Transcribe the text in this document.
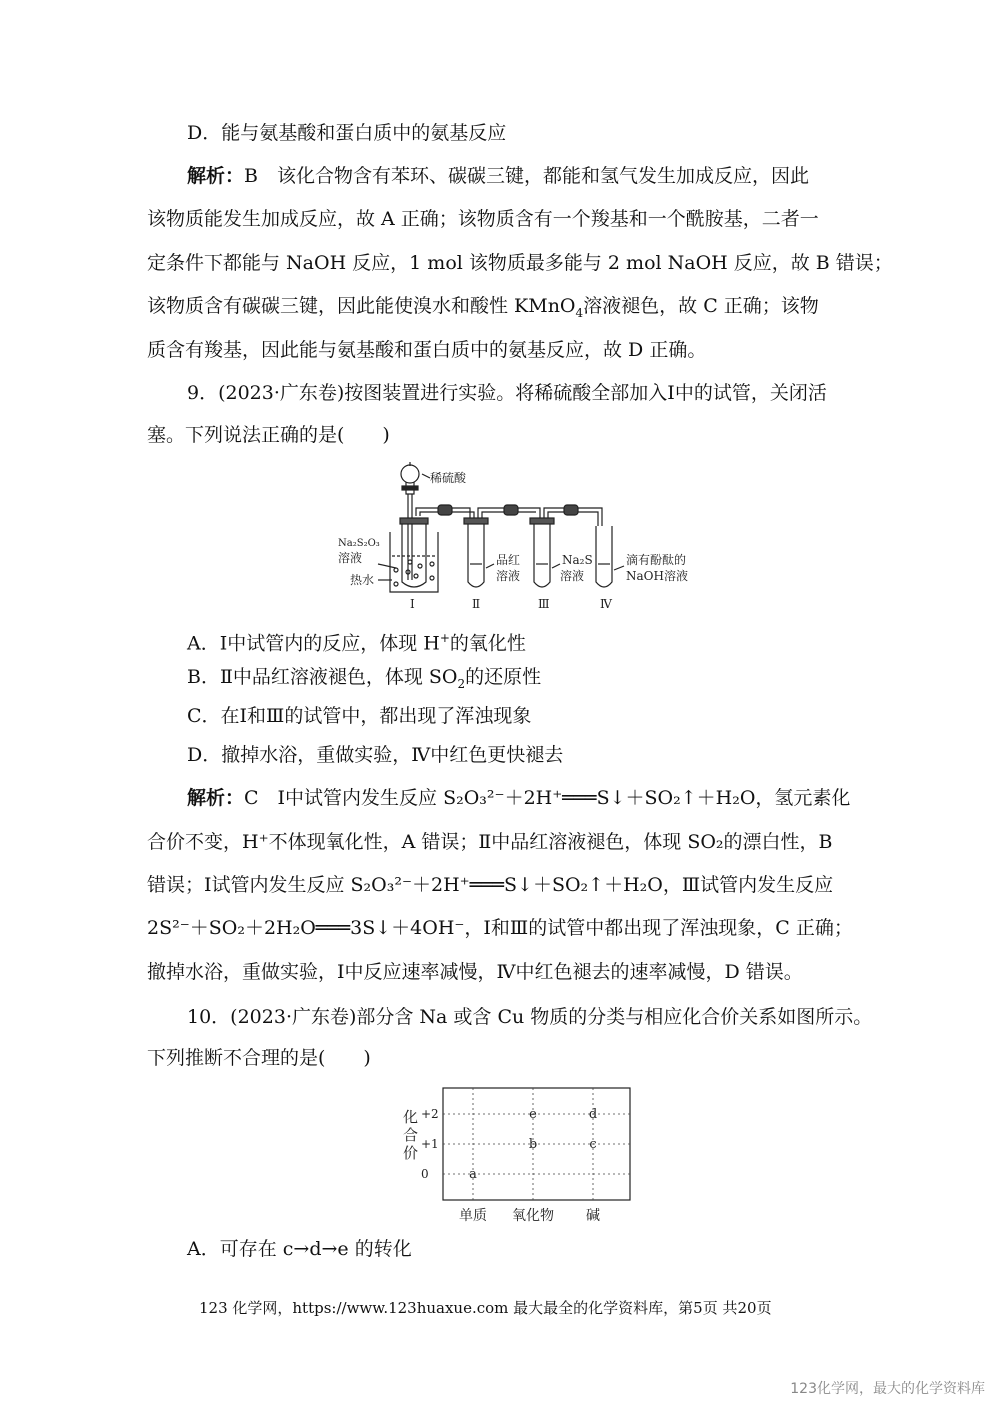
D．能与氨基酸和蛋白质中的氨基反应
解析：B　该化合物含有苯环、碳碳三键，都能和氢气发生加成反应，因此
该物质能发生加成反应，故 A 正确；该物质含有一个羧基和一个酰胺基，二者一
定条件下都能与 NaOH 反应，1 mol 该物质最多能与 2 mol NaOH 反应，故 B 错误；
该物质含有碳碳三键，因此能使溴水和酸性 KMnO$_4$溶液褪色，故 C 正确；该物
质含有羧基，因此能与氨基酸和蛋白质中的氨基反应，故 D 正确。
9．(2023·广东卷)按图装置进行实验。将稀硫酸全部加入Ⅰ中的试管，关闭活
塞。下列说法正确的是(　　)
稀硫酸
Na₂S₂O₃
溶液
热水
品红
溶液
Na₂S
溶液
滴有酚酞的
NaOH溶液
Ⅰ	Ⅱ	Ⅲ	Ⅳ
A．Ⅰ中试管内的反应，体现 H+的氧化性
B．Ⅱ中品红溶液褪色，体现 $SO_2$的还原性
C．在Ⅰ和Ⅲ的试管中，都出现了浑浊现象
D．撤掉水浴，重做实验，Ⅳ中红色更快褪去
解析：C　Ⅰ中试管内发生反应 S₂O₃²⁻＋2H⁺═══S↓＋SO₂↑＋H₂O，氢元素化
合价不变，H⁺不体现氧化性，A 错误；Ⅱ中品红溶液褪色，体现 SO₂的漂白性，B
错误；Ⅰ试管内发生反应 S₂O₃²⁻＋2H⁺═══S↓＋SO₂↑＋H₂O，Ⅲ试管内发生反应
2S²⁻＋SO₂＋2H₂O═══3S↓＋4OH⁻，Ⅰ和Ⅲ的试管中都出现了浑浊现象，C 正确；
撤掉水浴，重做实验，Ⅰ中反应速率减慢，Ⅳ中红色褪去的速率减慢，D 错误。
10．(2023·广东卷)部分含 Na 或含 Cu 物质的分类与相应化合价关系如图所示。
下列推断不合理的是(　　)
+2
+1
0
单质 氧化物 碱
化
合
价
a
b	c
d
e
A．可存在 c→d→e 的转化
123 化学网，https://www.123huaxue.com 最大最全的化学资料库，第5页 共20页
123化学网，最大的化学资料库
